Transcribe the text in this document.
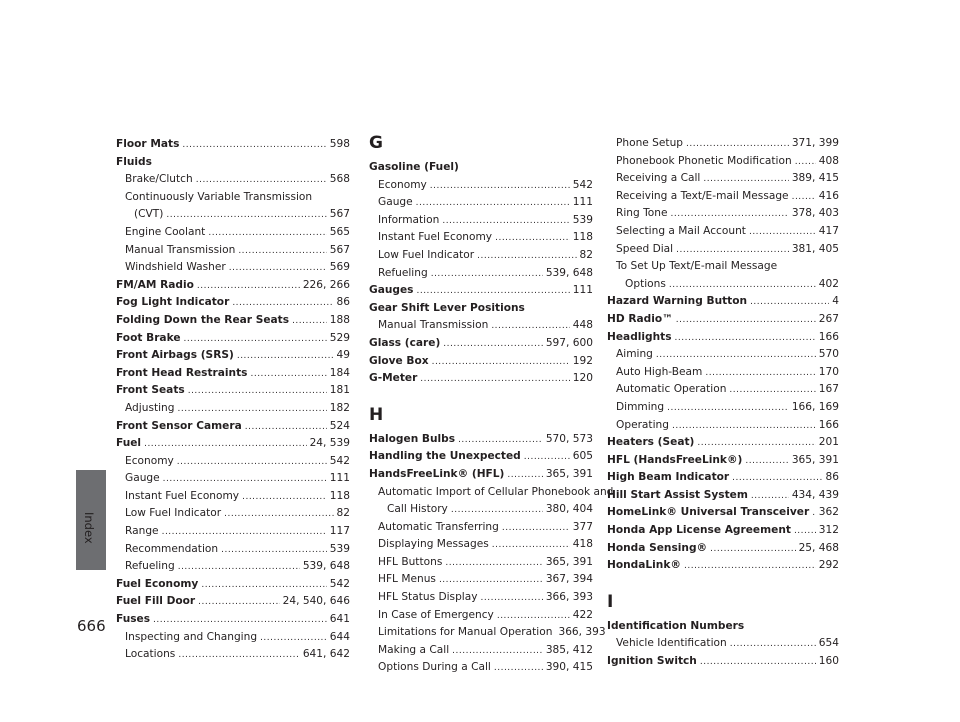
Index
666
Floor Mats .....	598
Fluids
Brake/Clutch .....	568
Continuously Variable Transmission
(CVT) .....	567
Engine Coolant .....	565
Manual Transmission .....	567
Windshield Washer .....	569
FM/AM Radio .....	226, 266
Fog Light Indicator .....	86
Folding Down the Rear Seats .....	188
Foot Brake .....	529
Front Airbags (SRS) .....	49
Front Head Restraints .....	184
Front Seats .....	181
Adjusting .....	182
Front Sensor Camera .....	524
Fuel .....	24, 539
Economy .....	542
Gauge .....	111
Instant Fuel Economy .....	118
Low Fuel Indicator .....	82
Range .....	117
Recommendation .....	539
Refueling .....	539, 648
Fuel Economy .....	542
Fuel Fill Door .....	24, 540, 646
Fuses .....	641
Inspecting and Changing .....	644
Locations .....	641, 642
G
Gasoline (Fuel)
Economy .....	542
Gauge .....	111
Information .....	539
Instant Fuel Economy .....	118
Low Fuel Indicator .....	82
Refueling .....	539, 648
Gauges .....	111
Gear Shift Lever Positions
Manual Transmission .....	448
Glass (care) .....	597, 600
Glove Box .....	192
G-Meter .....	120
H
Halogen Bulbs .....	570, 573
Handling the Unexpected .....	605
HandsFreeLink® (HFL) .....	365, 391
Automatic Import of Cellular Phonebook and
Call History .....	380, 404
Automatic Transferring .....	377
Displaying Messages .....	418
HFL Buttons .....	365, 391
HFL Menus .....	367, 394
HFL Status Display .....	366, 393
In Case of Emergency .....	422
Limitations for Manual Operation 366, 393
Making a Call .....	385, 412
Options During a Call .....	390, 415
Phone Setup .....	371, 399
Phonebook Phonetic Modification .....	408
Receiving a Call .....	389, 415
Receiving a Text/E-mail Message .....	416
Ring Tone .....	378, 403
Selecting a Mail Account .....	417
Speed Dial .....	381, 405
To Set Up Text/E-mail Message
Options .....	402
Hazard Warning Button .....	4
HD Radio™ .....	267
Headlights .....	166
Aiming .....	570
Auto High-Beam .....	170
Automatic Operation .....	167
Dimming .....	166, 169
Operating .....	166
Heaters (Seat) .....	201
HFL (HandsFreeLink®) .....	365, 391
High Beam Indicator .....	86
Hill Start Assist System .....	434, 439
HomeLink® Universal Transceiver ..... 362
Honda App License Agreement .....	312
Honda Sensing® .....	25, 468
HondaLink® .....	292
I
Identification Numbers
Vehicle Identification .....	654
Ignition Switch .....	160
